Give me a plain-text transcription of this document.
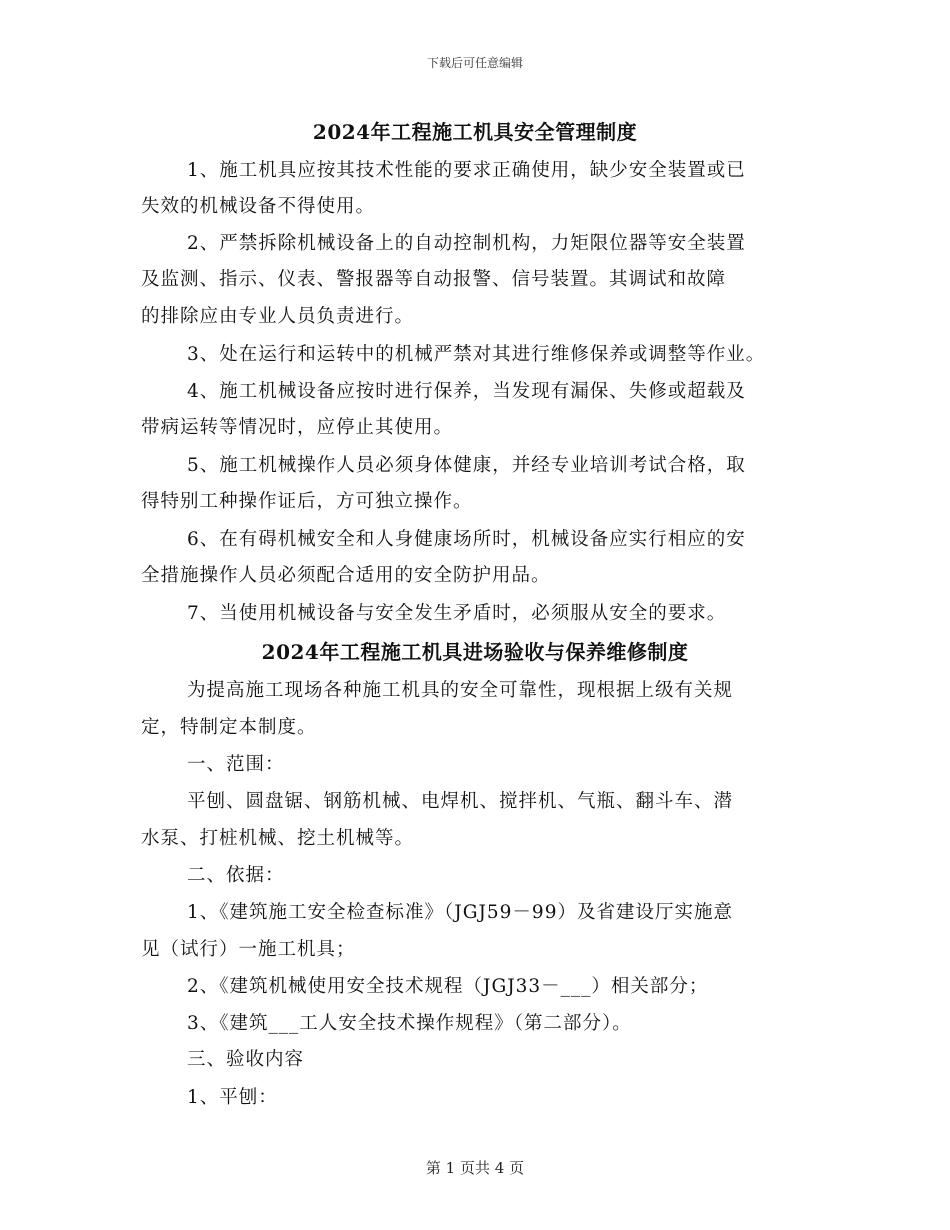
下载后可任意编辑
2024年工程施工机具安全管理制度
1、施工机具应按其技术性能的要求正确使用，缺少安全装置或已
失效的机械设备不得使用。
2、严禁拆除机械设备上的自动控制机构，力矩限位器等安全装置
及监测、指示、仪表、警报器等自动报警、信号装置。其调试和故障
的排除应由专业人员负责进行。
3、处在运行和运转中的机械严禁对其进行维修保养或调整等作业。
4、施工机械设备应按时进行保养，当发现有漏保、失修或超载及
带病运转等情况时，应停止其使用。
5、施工机械操作人员必须身体健康，并经专业培训考试合格，取
得特别工种操作证后，方可独立操作。
6、在有碍机械安全和人身健康场所时，机械设备应实行相应的安
全措施操作人员必须配合适用的安全防护用品。
7、当使用机械设备与安全发生矛盾时，必须服从安全的要求。
2024年工程施工机具进场验收与保养维修制度
为提高施工现场各种施工机具的安全可靠性，现根据上级有关规
定，特制定本制度。
一、范围：
平刨、圆盘锯、钢筋机械、电焊机、搅拌机、气瓶、翻斗车、潜
水泵、打桩机械、挖土机械等。
二、依据：
1、《建筑施工安全检查标准》（JGJ59－99）及省建设厅实施意
见（试行）一施工机具；
2、《建筑机械使用安全技术规程（JGJ33－___）相关部分；
3、《建筑___工人安全技术操作规程》（第二部分）。
三、验收内容
1、平刨：
第 1 页共 4 页
